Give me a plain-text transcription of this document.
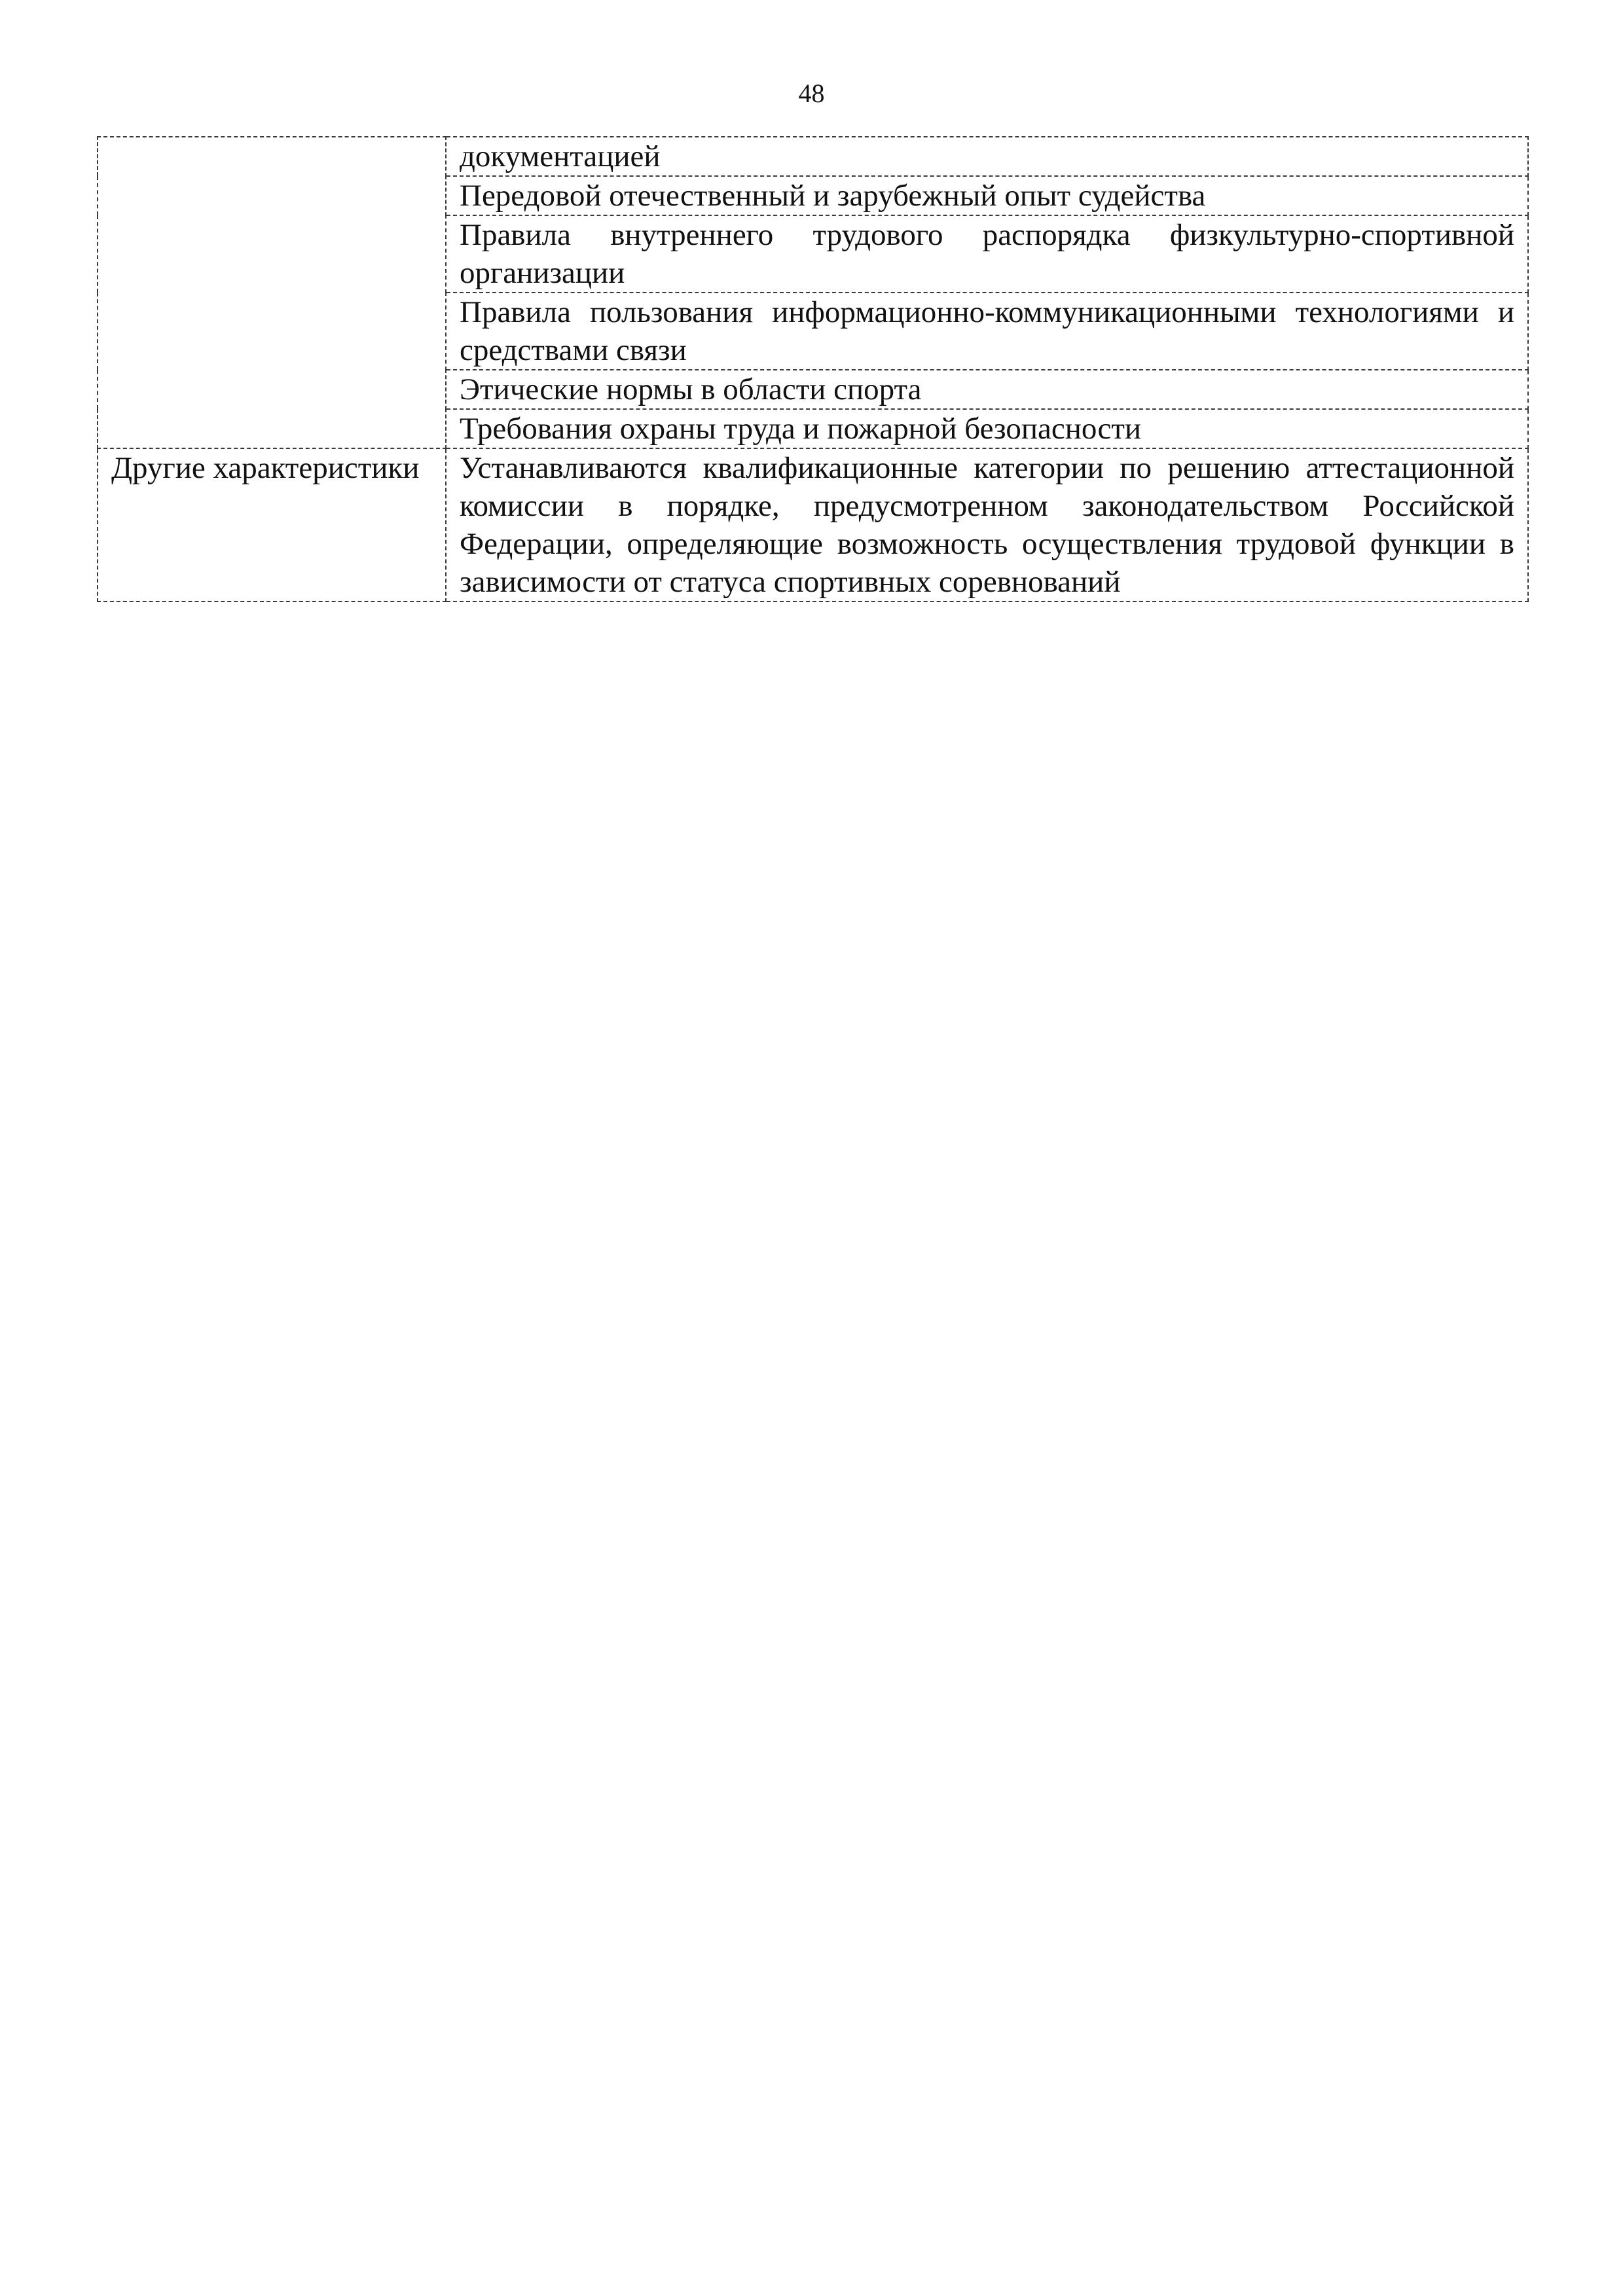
48

	документацией

	Передовой отечественный и зарубежный опыт судейства

	Правила внутреннего трудового распорядка физкультурно-спортивной организации

	Правила пользования информационно-коммуникационными технологиями и средствами связи

	Этические нормы в области спорта

	Требования охраны труда и пожарной безопасности

Другие характеристики	Устанавливаются квалификационные категории по решению аттестационной комиссии в порядке, предусмотренном законодательством Российской Федерации, определяющие возможность осуществления трудовой функции в зависимости от статуса спортивных соревнований
